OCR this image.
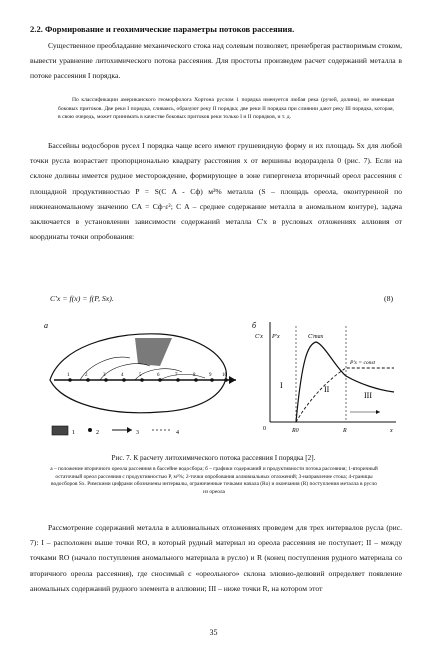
2.2. Формирование и геохимические параметры потоков рассеяния.
Существенное преобладание механического стока над солевым позволяет, пренебрегая растворимым стоком, вывести уравнение литохимического потока рассеяния. Для простоты произведем расчет содержаний металла в потоке рассеяния I порядка.
По классификации американского геоморфолога Хортона руслом 1 порядка именуется любая река (ручей, долина), не имеющая боковых притоков. Две реки I порядка, сливаясь, образуют реку II порядка; две реки II порядка при слиянии дают реку III порядка, которая, в свою очередь, может принимать в качестве боковых притоков реки только I и II порядков, и т. д.
Бассейны водосборов русел I порядка чаще всего имеют грушевидную форму и их площадь Sx для любой точки русла возрастает пропорционально квадрату расстояния x от вершины водораздела 0 (рис. 7). Если на склоне долины имеется рудное месторождение, формирующее в зоне гипергенеза вторичный ореол рассеяния с площадной продуктивностью P = S(C A - Cф) м²% металла (S – площадь ореола, оконтуренной по нижнеаномальному значению CA = Cф·ε²; C A – среднее содержание металла в аномальном контуре), задача заключается в установлении зависимости содержаний металла C'x в русловых отложениях аллювия от координаты точки опробования:
C'x = f(x) = f(P, Sx).	(8)
а
1	2	3	4	5	6	7	8	9 10
1	2	3	4
б
C'x P'x	C'max
P'x = const
I	II
III
0	R0	R	x
Рис. 7. К расчету литохимического потока рассеяния I порядка [2].
а – положение вторичного ореола рассеяния в бассейне водосбора; б – графики содержаний и продуктивности потока рассеяния; 1-вторичный остаточный ореол рассеяния с продуктивностью P, м²%; 2-точки опробования аллювиальных отложений; 3-направление стока; 4-границы водосборов Sx. Римскими цифрами обозначены интервалы, ограниченные точками начала (Ro) и окончания (R) поступления металла в русло из ореола
Рассмотрение содержаний металла в аллювиальных отложениях проведем для трех интервалов русла (рис. 7): I – расположен выше точки RO, в который рудный материал из ореола рассеяния не поступает; II – между точками RO (начало поступления аномального материала в русло) и R (конец поступления рудного материала со вторичного ореола рассеяния), где сносимый с «ореольного» склона элювио-делювий определяет появление аномальных содержаний рудного элемента в аллювии; III – ниже точки R, на котором этот
35
